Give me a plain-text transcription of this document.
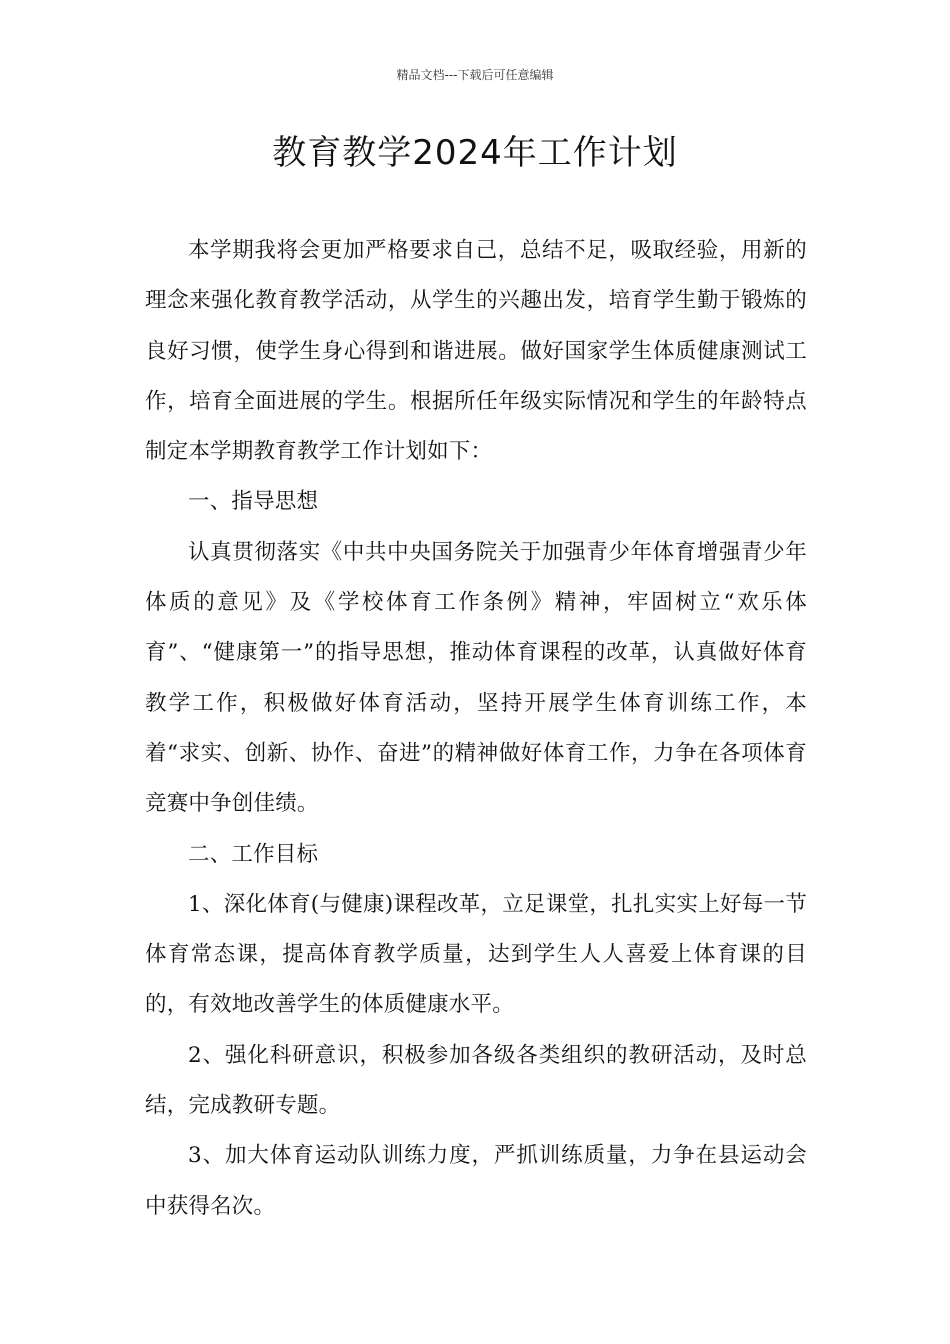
精品文档---下载后可任意编辑
教育教学2024年工作计划

本学期我将会更加严格要求自己，总结不足，吸取经验，用新的理念来强化教育教学活动，从学生的兴趣出发，培育学生勤于锻炼的良好习惯，使学生身心得到和谐进展。做好国家学生体质健康测试工作，培育全面进展的学生。根据所任年级实际情况和学生的年龄特点制定本学期教育教学工作计划如下：

一、指导思想

认真贯彻落实《中共中央国务院关于加强青少年体育增强青少年体质的意见》及《学校体育工作条例》精神，牢固树立“欢乐体育”、“健康第一”的指导思想，推动体育课程的改革，认真做好体育教学工作，积极做好体育活动，坚持开展学生体育训练工作，本着“求实、创新、协作、奋进”的精神做好体育工作，力争在各项体育竞赛中争创佳绩。

二、工作目标

1、深化体育(与健康)课程改革，立足课堂，扎扎实实上好每一节体育常态课，提高体育教学质量，达到学生人人喜爱上体育课的目的，有效地改善学生的体质健康水平。

2、强化科研意识，积极参加各级各类组织的教研活动，及时总结，完成教研专题。

3、加大体育运动队训练力度，严抓训练质量，力争在县运动会中获得名次。
